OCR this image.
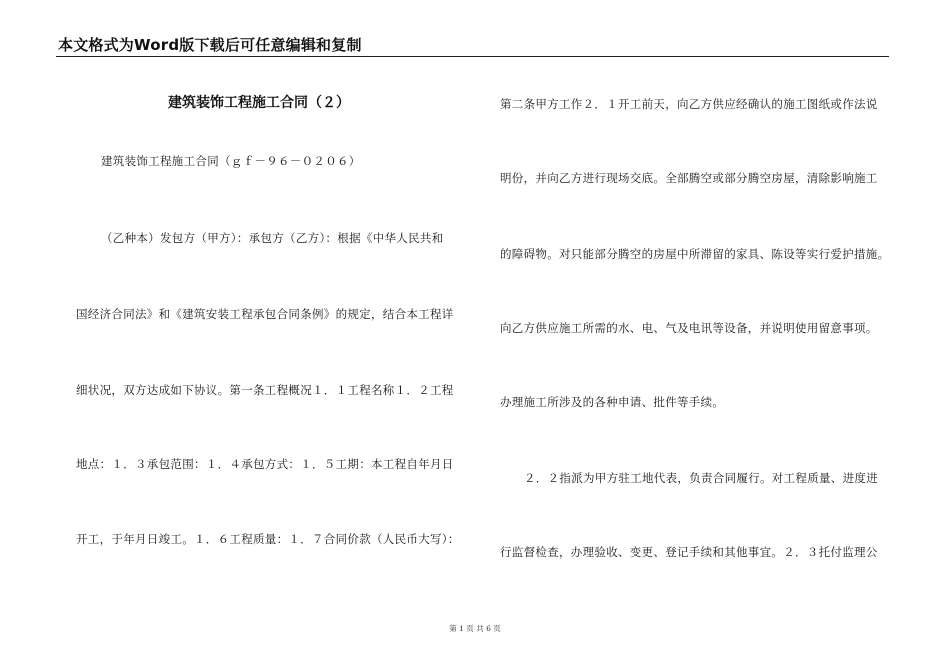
本文格式为Word版下载后可任意编辑和复制
建筑装饰工程施工合同（２）
建筑装饰工程施工合同（ｇｆ－９６－０２０６）
（乙种本）发包方（甲方）：承包方（乙方）：根据《中华人民共和
国经济合同法》和《建筑安装工程承包合同条例》的规定，结合本工程详
细状况，双方达成如下协议。第一条工程概况１．１工程名称１．２工程
地点：１．３承包范围：１．４承包方式：１．５工期：本工程自年月日
开工，于年月日竣工。１．６工程质量：１．７合同价款（人民币大写）：
第二条甲方工作２．１开工前天，向乙方供应经确认的施工图纸或作法说
明份，并向乙方进行现场交底。全部腾空或部分腾空房屋，清除影响施工
的障碍物。对只能部分腾空的房屋中所滞留的家具、陈设等实行爱护措施。
向乙方供应施工所需的水、电、气及电讯等设备，并说明使用留意事项。
办理施工所涉及的各种申请、批件等手续。
２．２指派为甲方驻工地代表，负责合同履行。对工程质量、进度进
行监督检查，办理验收、变更、登记手续和其他事宜。２．３托付监理公
第 1 页 共 6 页
